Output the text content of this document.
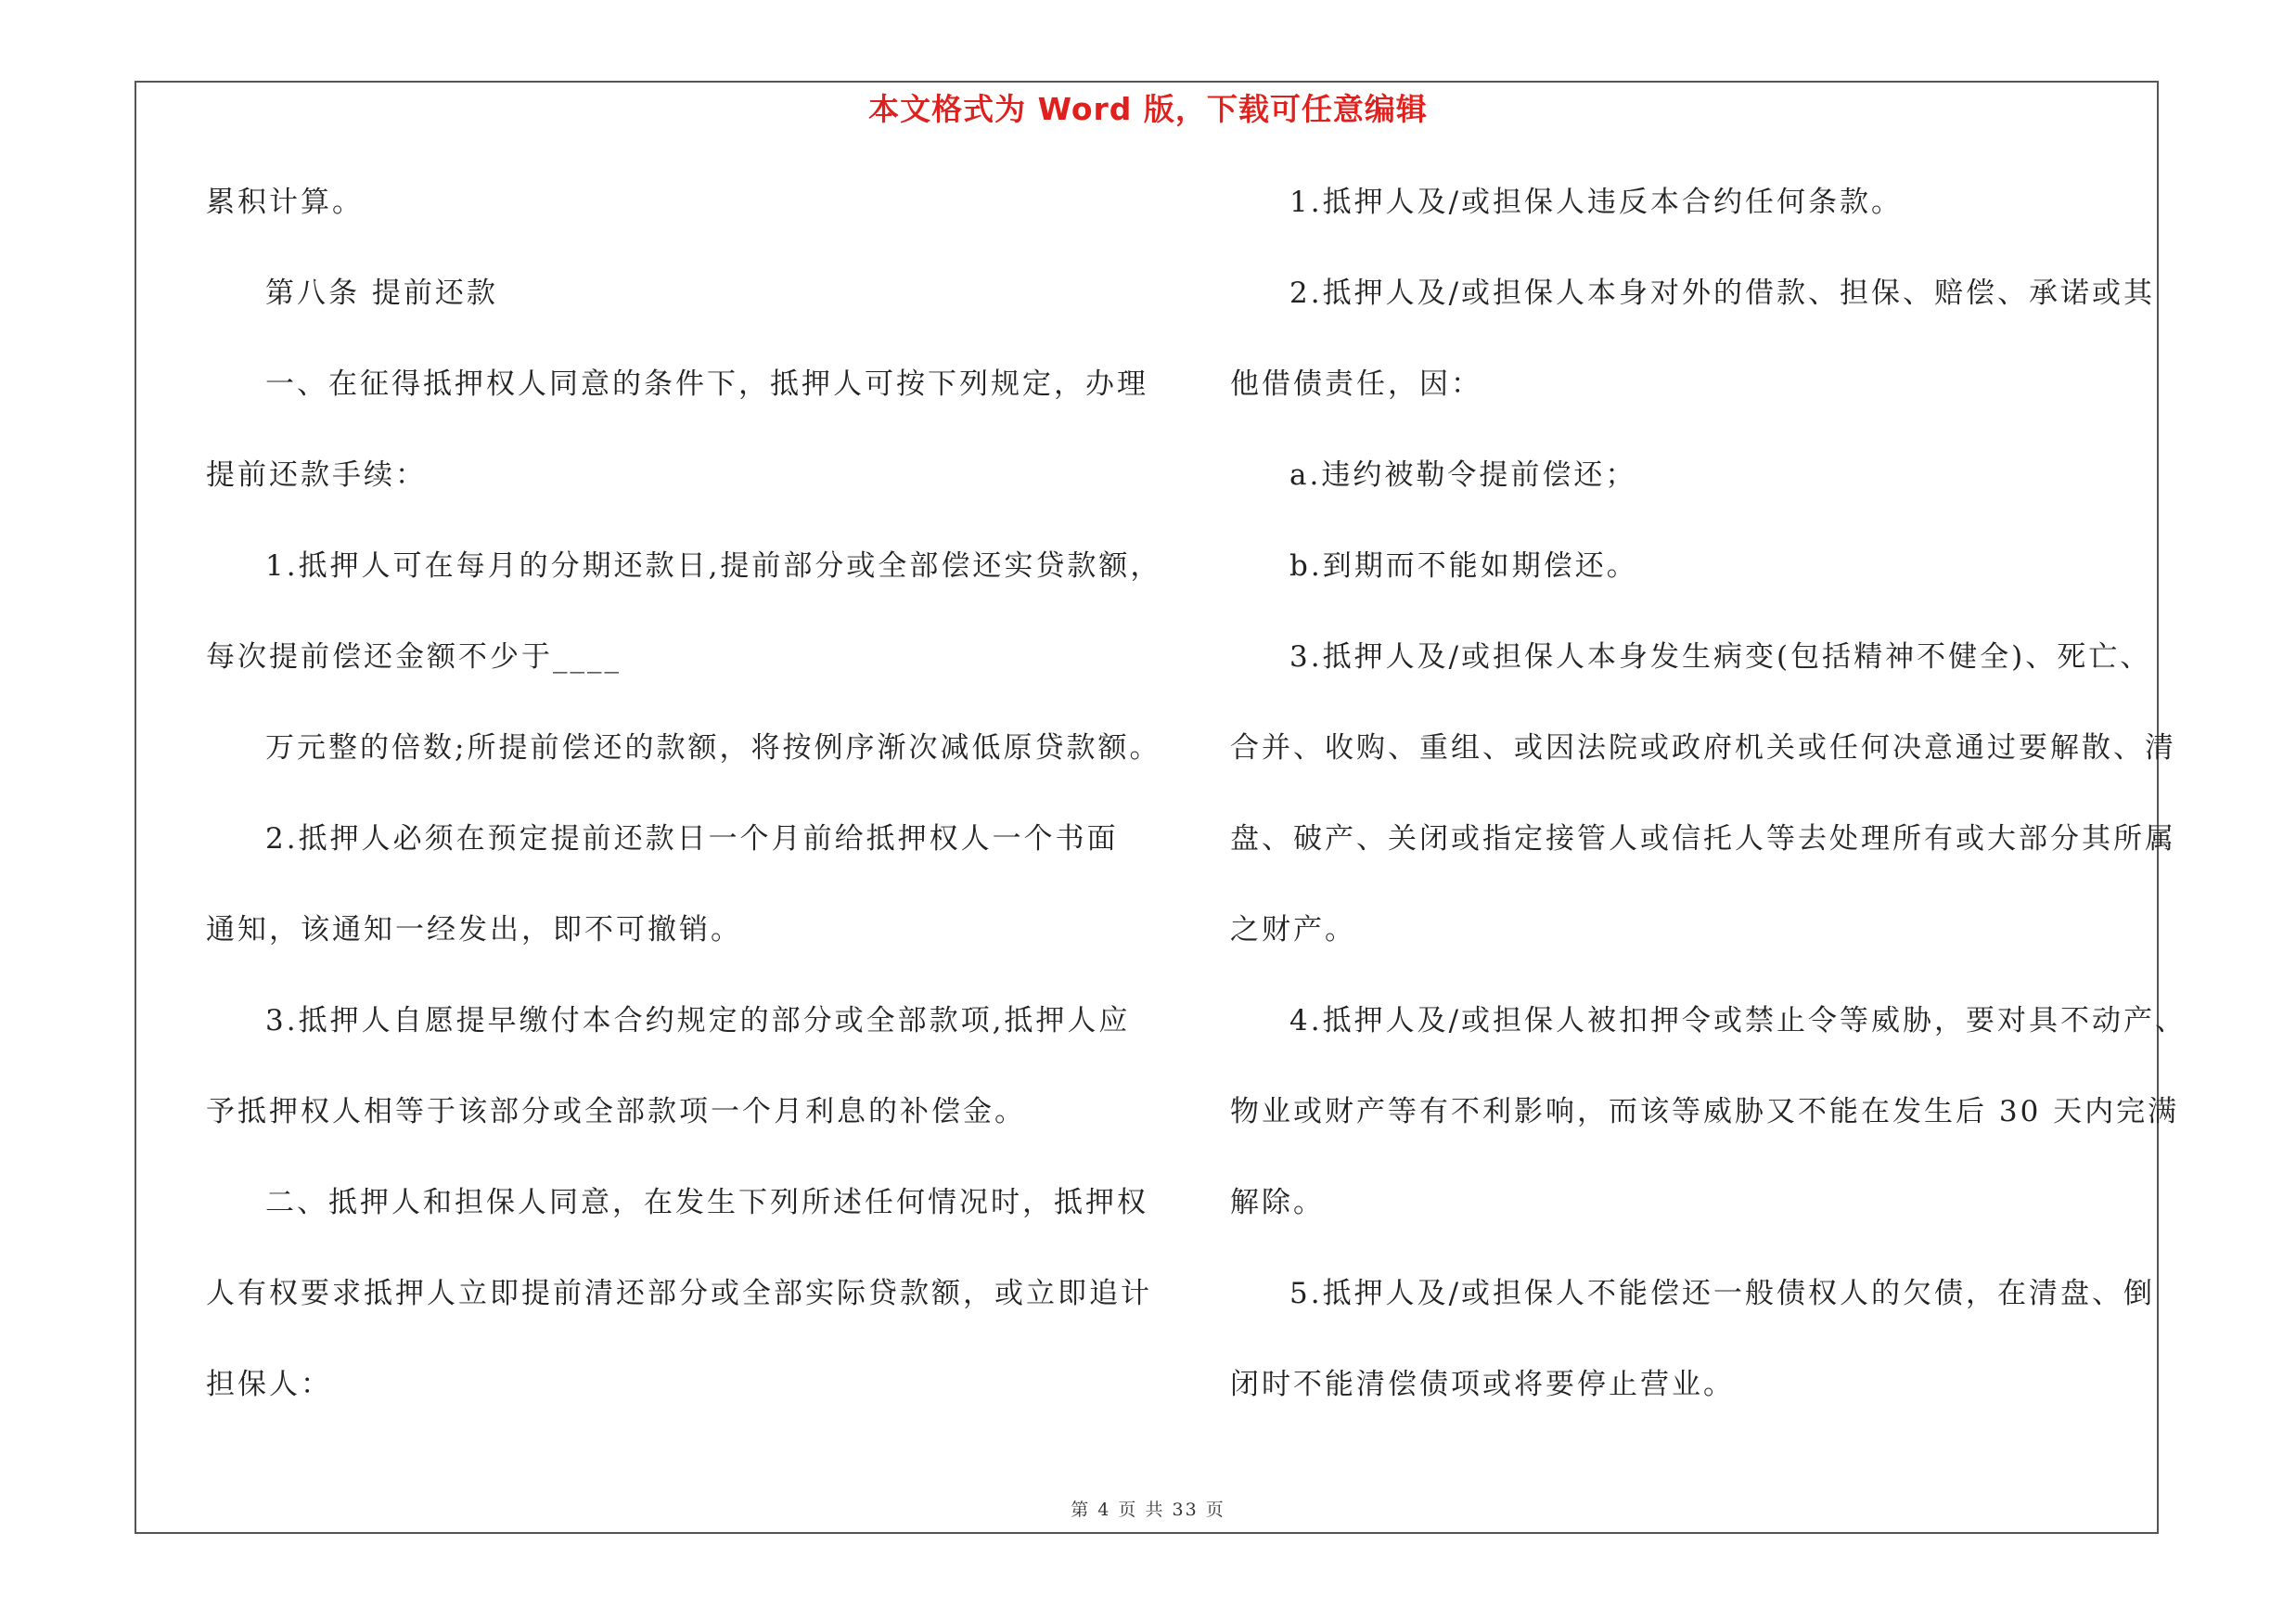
本文格式为 Word 版，下载可任意编辑
累积计算。
第八条 提前还款
一、在征得抵押权人同意的条件下，抵押人可按下列规定，办理
提前还款手续：
1.抵押人可在每月的分期还款日,提前部分或全部偿还实贷款额，
每次提前偿还金额不少于____
万元整的倍数;所提前偿还的款额，将按例序渐次减低原贷款额。
2.抵押人必须在预定提前还款日一个月前给抵押权人一个书面
通知，该通知一经发出，即不可撤销。
3.抵押人自愿提早缴付本合约规定的部分或全部款项,抵押人应
予抵押权人相等于该部分或全部款项一个月利息的补偿金。
二、抵押人和担保人同意，在发生下列所述任何情况时，抵押权
人有权要求抵押人立即提前清还部分或全部实际贷款额，或立即追计
担保人：
1.抵押人及/或担保人违反本合约任何条款。
2.抵押人及/或担保人本身对外的借款、担保、赔偿、承诺或其
他借债责任，因：
a.违约被勒令提前偿还；
b.到期而不能如期偿还。
3.抵押人及/或担保人本身发生病变(包括精神不健全)、死亡、
合并、收购、重组、或因法院或政府机关或任何决意通过要解散、清
盘、破产、关闭或指定接管人或信托人等去处理所有或大部分其所属
之财产。
4.抵押人及/或担保人被扣押令或禁止令等威胁，要对具不动产、
物业或财产等有不利影响，而该等威胁又不能在发生后 30 天内完满
解除。
5.抵押人及/或担保人不能偿还一般债权人的欠债，在清盘、倒
闭时不能清偿债项或将要停止营业。
第 4 页 共 33 页
